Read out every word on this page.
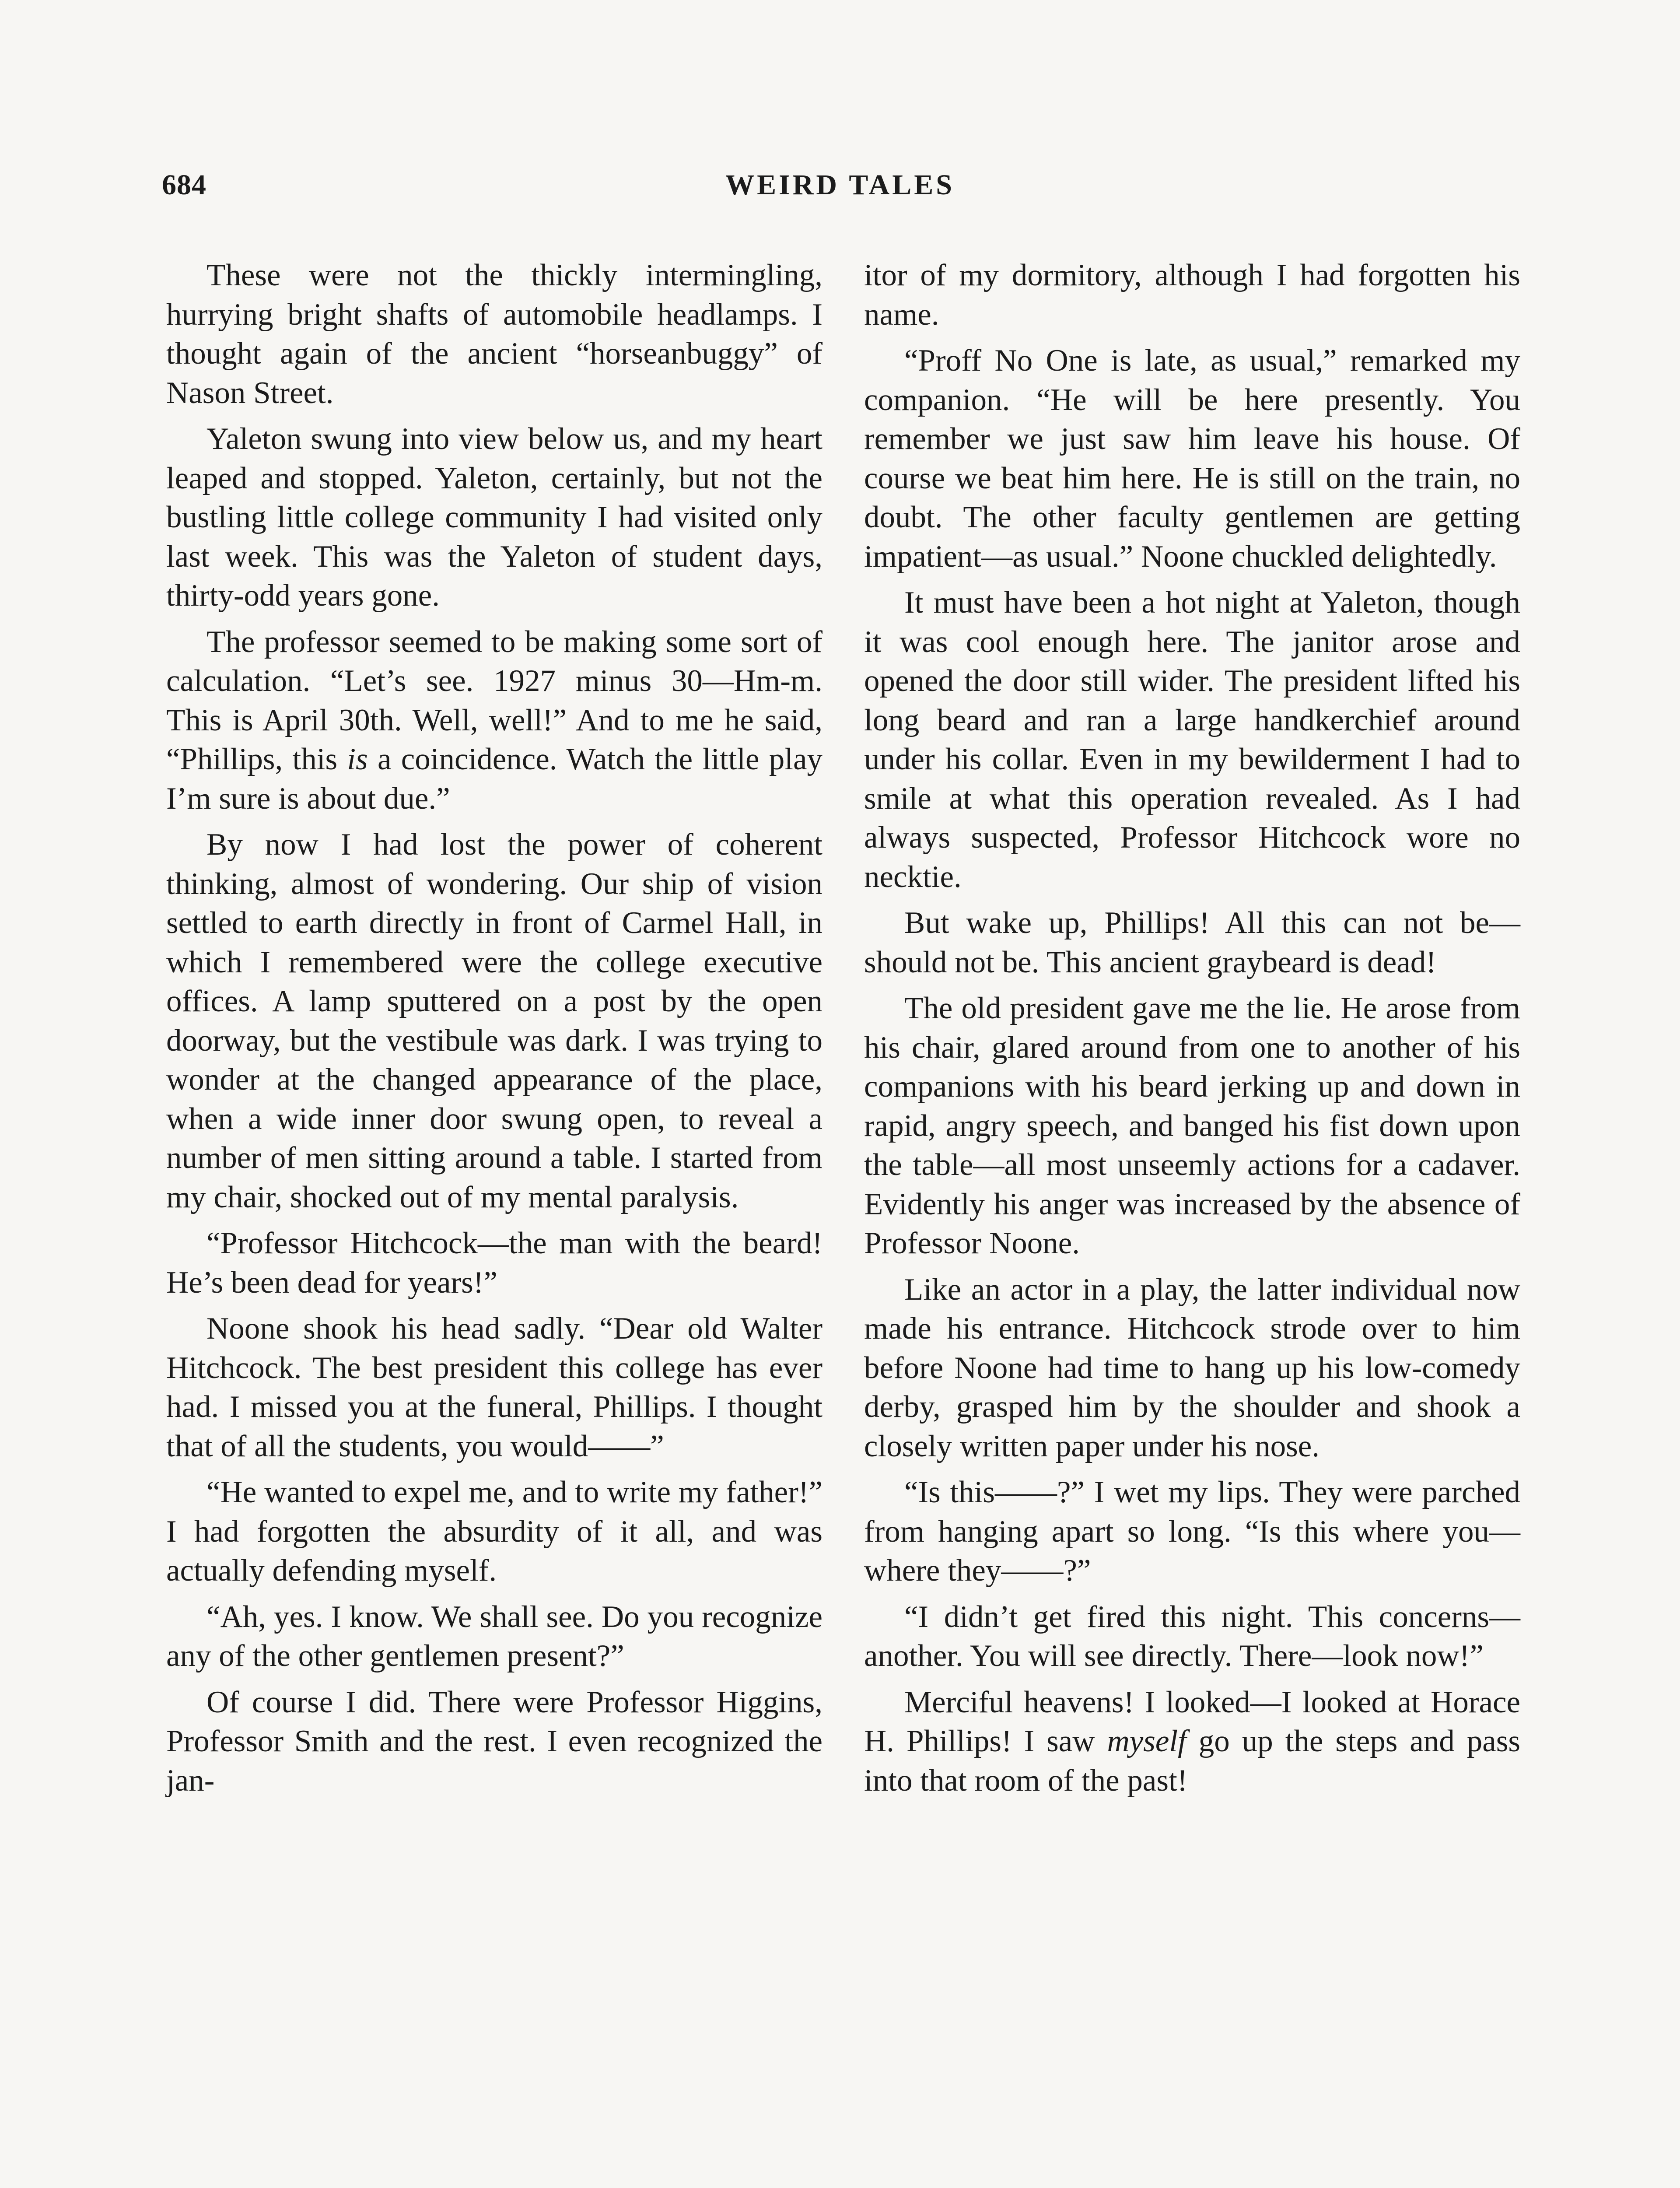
684	WEIRD TALES

These were not the thickly intermingling, hurrying bright shafts of automobile headlamps. I thought again of the ancient “horseanbuggy” of Nason Street.

Yaleton swung into view below us, and my heart leaped and stopped. Yaleton, certainly, but not the bustling little college community I had visited only last week. This was the Yaleton of student days, thirty-odd years gone.

The professor seemed to be making some sort of calculation. “Let’s see. 1927 minus 30—Hm-m. This is April 30th. Well, well!” And to me he said, “Phillips, this is a coincidence. Watch the little play I’m sure is about due.”

By now I had lost the power of coherent thinking, almost of wondering. Our ship of vision settled to earth directly in front of Carmel Hall, in which I remembered were the college executive offices. A lamp sputtered on a post by the open doorway, but the vestibule was dark. I was trying to wonder at the changed appearance of the place, when a wide inner door swung open, to reveal a number of men sitting around a table. I started from my chair, shocked out of my mental paralysis.

“Professor Hitchcock—the man with the beard! He’s been dead for years!”

Noone shook his head sadly. “Dear old Walter Hitchcock. The best president this college has ever had. I missed you at the funeral, Phillips. I thought that of all the students, you would——”

“He wanted to expel me, and to write my father!” I had forgotten the absurdity of it all, and was actually defending myself.

“Ah, yes. I know. We shall see. Do you recognize any of the other gentlemen present?”

Of course I did. There were Professor Higgins, Professor Smith and the rest. I even recognized the jan-

itor of my dormitory, although I had forgotten his name.

“Proff No One is late, as usual,” remarked my companion. “He will be here presently. You remember we just saw him leave his house. Of course we beat him here. He is still on the train, no doubt. The other faculty gentlemen are getting impatient—as usual.” Noone chuckled delightedly.

It must have been a hot night at Yaleton, though it was cool enough here. The janitor arose and opened the door still wider. The president lifted his long beard and ran a large handkerchief around under his collar. Even in my bewilderment I had to smile at what this operation revealed. As I had always suspected, Professor Hitchcock wore no necktie.

But wake up, Phillips! All this can not be—should not be. This ancient graybeard is dead!

The old president gave me the lie. He arose from his chair, glared around from one to another of his companions with his beard jerking up and down in rapid, angry speech, and banged his fist down upon the table—all most unseemly actions for a cadaver. Evidently his anger was increased by the absence of Professor Noone.

Like an actor in a play, the latter individual now made his entrance. Hitchcock strode over to him before Noone had time to hang up his low-comedy derby, grasped him by the shoulder and shook a closely written paper under his nose.

“Is this——?” I wet my lips. They were parched from hanging apart so long. “Is this where you—where they——?”

“I didn’t get fired this night. This concerns—another. You will see directly. There—look now!”

Merciful heavens! I looked—I looked at Horace H. Phillips! I saw myself go up the steps and pass into that room of the past!
